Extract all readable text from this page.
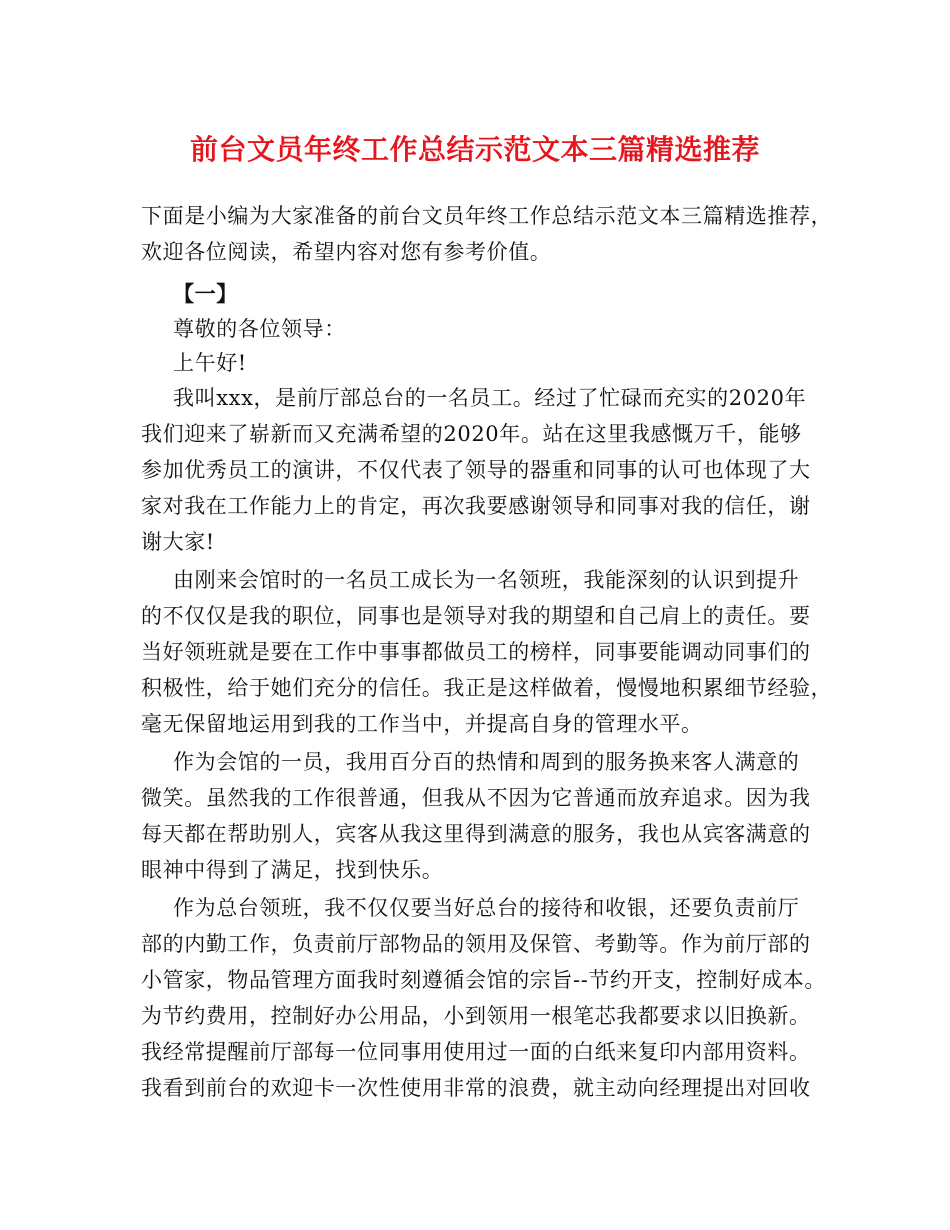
前台文员年终工作总结示范文本三篇精选推荐
下面是小编为大家准备的前台文员年终工作总结示范文本三篇精选推荐，
欢迎各位阅读，希望内容对您有参考价值。
【一】
尊敬的各位领导：
上午好!
我叫xxx，是前厅部总台的一名员工。经过了忙碌而充实的2020年
我们迎来了崭新而又充满希望的2020年。站在这里我感慨万千，能够
参加优秀员工的演讲，不仅代表了领导的器重和同事的认可也体现了大
家对我在工作能力上的肯定，再次我要感谢领导和同事对我的信任，谢
谢大家!
由刚来会馆时的一名员工成长为一名领班，我能深刻的认识到提升
的不仅仅是我的职位，同事也是领导对我的期望和自己肩上的责任。要
当好领班就是要在工作中事事都做员工的榜样，同事要能调动同事们的
积极性，给于她们充分的信任。我正是这样做着，慢慢地积累细节经验，
毫无保留地运用到我的工作当中，并提高自身的管理水平。
作为会馆的一员，我用百分百的热情和周到的服务换来客人满意的
微笑。虽然我的工作很普通，但我从不因为它普通而放弃追求。因为我
每天都在帮助别人，宾客从我这里得到满意的服务，我也从宾客满意的
眼神中得到了满足，找到快乐。
作为总台领班，我不仅仅要当好总台的接待和收银，还要负责前厅
部的内勤工作，负责前厅部物品的领用及保管、考勤等。作为前厅部的
小管家，物品管理方面我时刻遵循会馆的宗旨--节约开支，控制好成本。
为节约费用，控制好办公用品，小到领用一根笔芯我都要求以旧换新。
我经常提醒前厅部每一位同事用使用过一面的白纸来复印内部用资料。
我看到前台的欢迎卡一次性使用非常的浪费，就主动向经理提出对回收
